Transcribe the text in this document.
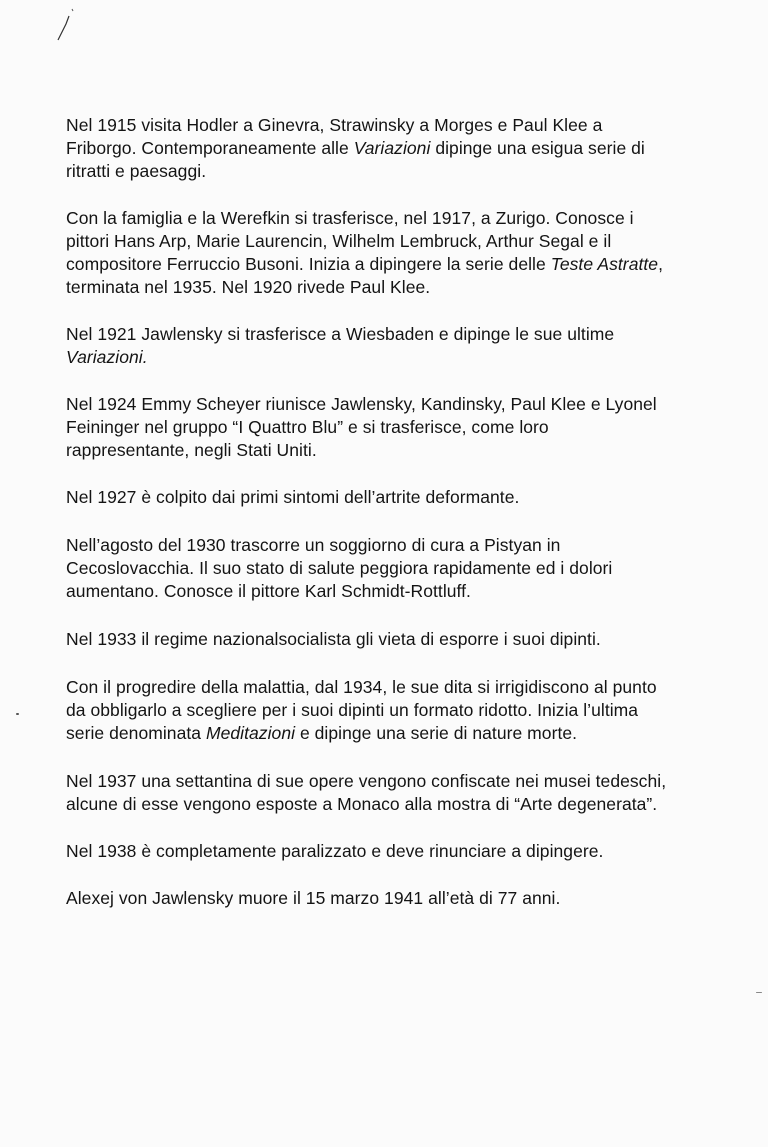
Nel 1915 visita Hodler a Ginevra, Strawinsky a Morges e Paul Klee a
Friborgo. Contemporaneamente alle Variazioni dipinge una esigua serie di
ritratti e paesaggi.

Con la famiglia e la Werefkin si trasferisce, nel 1917, a Zurigo. Conosce i
pittori Hans Arp, Marie Laurencin, Wilhelm Lembruck, Arthur Segal e il
compositore Ferruccio Busoni. Inizia a dipingere la serie delle Teste Astratte,
terminata nel 1935. Nel 1920 rivede Paul Klee.

Nel 1921 Jawlensky si trasferisce a Wiesbaden e dipinge le sue ultime
Variazioni.

Nel 1924 Emmy Scheyer riunisce Jawlensky, Kandinsky, Paul Klee e Lyonel
Feininger nel gruppo “I Quattro Blu” e si trasferisce, come loro
rappresentante, negli Stati Uniti.

Nel 1927 è colpito dai primi sintomi dell’artrite deformante.

Nell’agosto del 1930 trascorre un soggiorno di cura a Pistyan in
Cecoslovacchia. Il suo stato di salute peggiora rapidamente ed i dolori
aumentano. Conosce il pittore Karl Schmidt-Rottluff.

Nel 1933 il regime nazionalsocialista gli vieta di esporre i suoi dipinti.

Con il progredire della malattia, dal 1934, le sue dita si irrigidiscono al punto
da obbligarlo a scegliere per i suoi dipinti un formato ridotto. Inizia l’ultima
serie denominata Meditazioni e dipinge una serie di nature morte.

Nel 1937 una settantina di sue opere vengono confiscate nei musei tedeschi,
alcune di esse vengono esposte a Monaco alla mostra di “Arte degenerata”.

Nel 1938 è completamente paralizzato e deve rinunciare a dipingere.

Alexej von Jawlensky muore il 15 marzo 1941 all’età di 77 anni.
